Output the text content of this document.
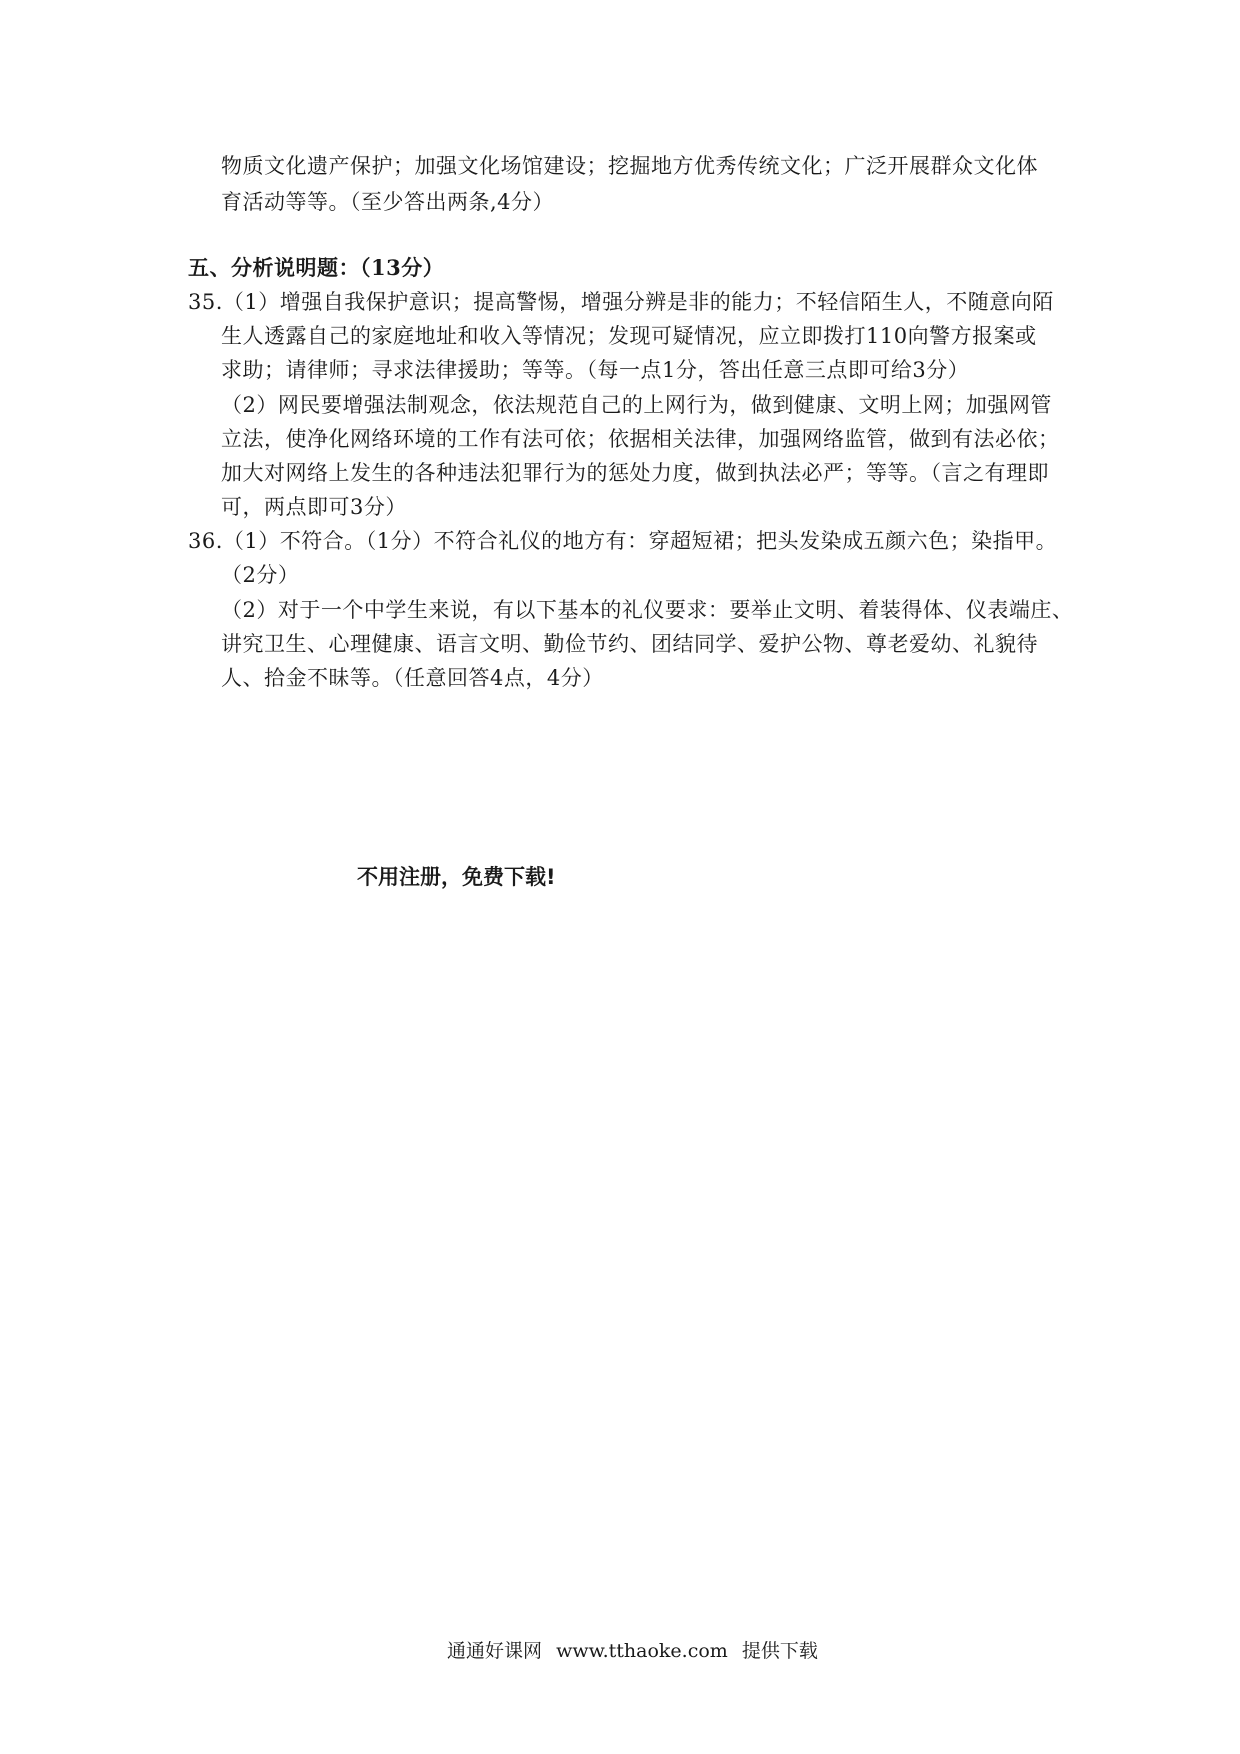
物质文化遗产保护；加强文化场馆建设；挖掘地方优秀传统文化；广泛开展群众文化体
育活动等等。（至少答出两条,4分）
五、分析说明题：（13分）
35.（1）增强自我保护意识；提高警惕，增强分辨是非的能力；不轻信陌生人，不随意向陌
生人透露自己的家庭地址和收入等情况；发现可疑情况，应立即拨打110向警方报案或
求助；请律师；寻求法律援助；等等。（每一点1分，答出任意三点即可给3分）
（2）网民要增强法制观念，依法规范自己的上网行为，做到健康、文明上网；加强网管
立法，使净化网络环境的工作有法可依；依据相关法律，加强网络监管，做到有法必依；
加大对网络上发生的各种违法犯罪行为的惩处力度，做到执法必严；等等。（言之有理即
可，两点即可3分）
36.（1）不符合。（1分）不符合礼仪的地方有：穿超短裙；把头发染成五颜六色；染指甲。
（2分）
（2）对于一个中学生来说，有以下基本的礼仪要求：要举止文明、着装得体、仪表端庄、
讲究卫生、心理健康、语言文明、勤俭节约、团结同学、爱护公物、尊老爱幼、礼貌待
人、拾金不昧等。（任意回答4点，4分）
不用注册，免费下载!
通通好课网 www.tthaoke.com 提供下载
